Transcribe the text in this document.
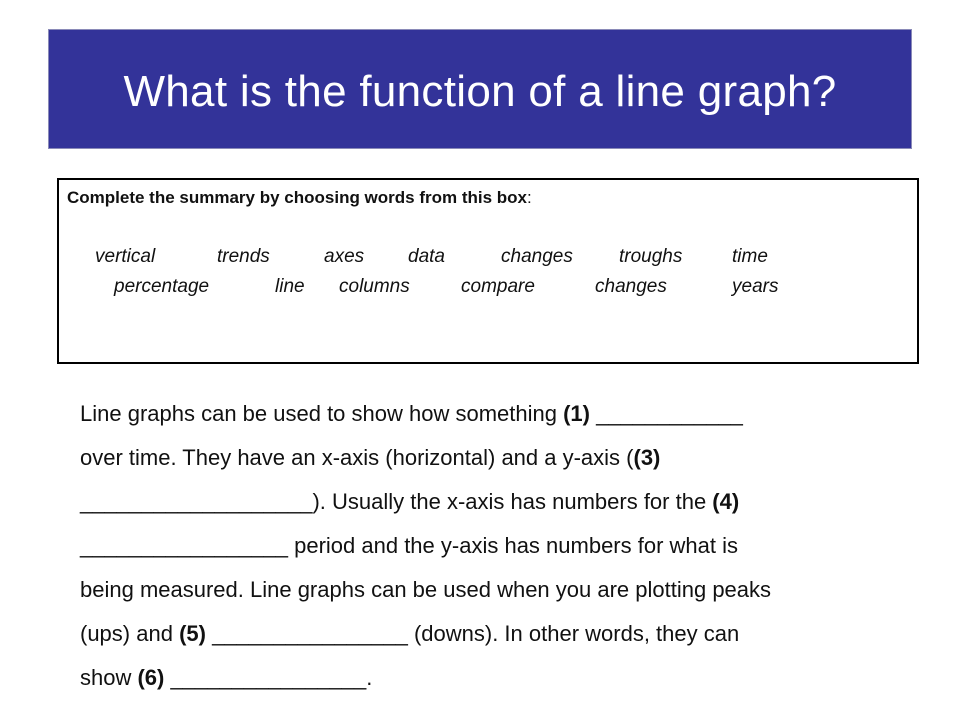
What is the function of a line graph?
Complete the summary by choosing words from this box:
vertical	trends	axes data	changes troughs	time
percentage	line columns	compare	changes	years
Line graphs can be used to show how something (1) ____________
over time. They have an x-axis (horizontal) and a y-axis ((3)
___________________). Usually the x-axis has numbers for the (4)
_________________ period and the y-axis has numbers for what is
being measured. Line graphs can be used when you are plotting peaks
(ups) and (5) ________________ (downs). In other words, they can
show (6) ________________.
